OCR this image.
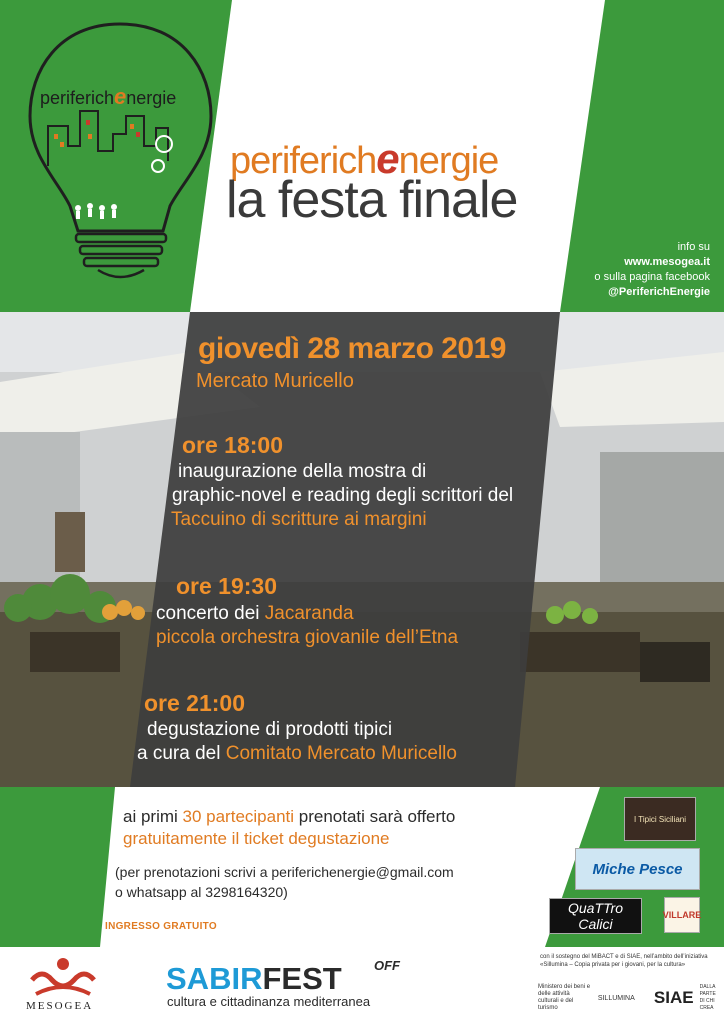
periferichenergie
periferichenergie
la festa finale
info su
www.mesogea.it
o sulla pagina facebook
@PeriferichEnergie
giovedì 28 marzo 2019
Mercato Muricello
ore 18:00
inaugurazione della mostra di
graphic-novel e reading degli scrittori del
Taccuino di scritture ai margini
ore 19:30
concerto dei Jacaranda
piccola orchestra giovanile dell’Etna
ore 21:00
degustazione di prodotti tipici
a cura del Comitato Mercato Muricello
ai primi 30 partecipanti prenotati sarà offerto
gratuitamente il ticket degustazione
(per prenotazioni scrivi a periferichenergie@gmail.com
o whatsapp al 3298164320)
INGRESSO GRATUITO
I Tipici Siciliani
Miche Pesce
QuaTTro Calici
VILLARE
MESOGEA
SABIRFEST OFF
cultura e cittadinanza mediterranea
con il sostegno del MiBACT e di SIAE, nell’ambito dell’iniziativa «Sillumina – Copia privata per i giovani, per la cultura»
Ministero dei beni e delle attività culturali e del turismo
SILLUMINA	SIAE
DALLA PARTE DI CHI CREA
